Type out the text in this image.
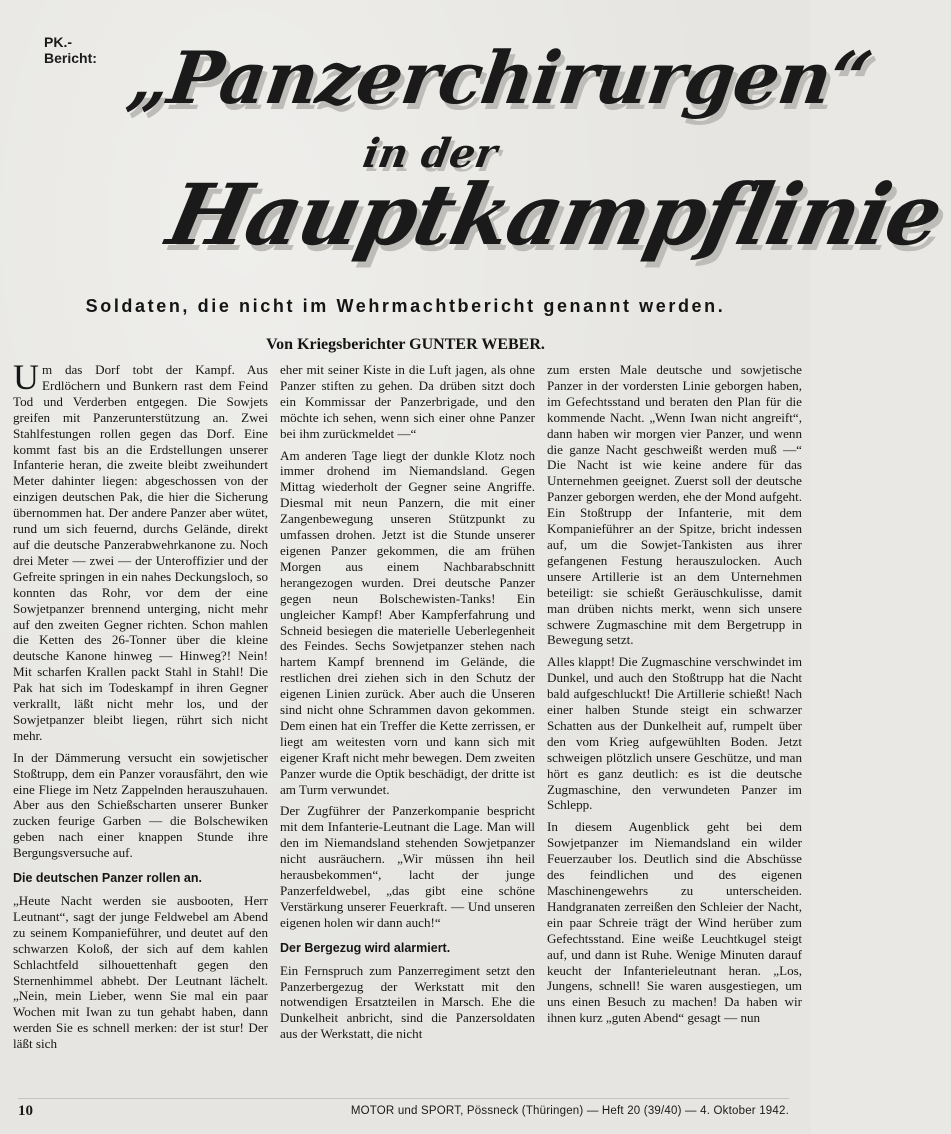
PK.-
Bericht: „Panzerchirurgen“
in der
Hauptkampflinie
Soldaten, die nicht im Wehrmachtbericht genannt werden.
Von Kriegsberichter GUNTER WEBER.

Um das Dorf tobt der Kampf. Aus Erdlöchern und Bunkern rast dem Feind Tod und Verderben entgegen. Die Sowjets greifen mit Panzerunterstützung an. Zwei Stahlfestungen rollen gegen das Dorf. Eine kommt fast bis an die Erdstellungen unserer Infanterie heran, die zweite bleibt zweihundert Meter dahinter liegen: abgeschossen von der einzigen deutschen Pak, die hier die Sicherung übernommen hat. Der andere Panzer aber wütet, rund um sich feuernd, durchs Gelände, direkt auf die deutsche Panzerabwehrkanone zu. Noch drei Meter — zwei — der Unteroffizier und der Gefreite springen in ein nahes Deckungsloch, so konnten das Rohr, vor dem der eine Sowjetpanzer brennend unterging, nicht mehr auf den zweiten Gegner richten. Schon mahlen die Ketten des 26-Tonner über die kleine deutsche Kanone hinweg — Hinweg?! Nein! Mit scharfen Krallen packt Stahl in Stahl! Die Pak hat sich im Todeskampf in ihren Gegner verkrallt, läßt nicht mehr los, und der Sowjetpanzer bleibt liegen, rührt sich nicht mehr.

In der Dämmerung versucht ein sowjetischer Stoßtrupp, dem ein Panzer vorausfährt, den wie eine Fliege im Netz Zappelnden herauszuhauen. Aber aus den Schießscharten unserer Bunker zucken feurige Garben — die Bolschewiken geben nach einer knappen Stunde ihre Bergungsversuche auf.

Die deutschen Panzer rollen an.

„Heute Nacht werden sie ausbooten, Herr Leutnant“, sagt der junge Feldwebel am Abend zu seinem Kompanieführer, und deutet auf den schwarzen Koloß, der sich auf dem kahlen Schlachtfeld silhouettenhaft gegen den Sternenhimmel abhebt. Der Leutnant lächelt. „Nein, mein Lieber, wenn Sie mal ein paar Wochen mit Iwan zu tun gehabt haben, dann werden Sie es schnell merken: der ist stur! Der läßt sich

eher mit seiner Kiste in die Luft jagen, als ohne Panzer stiften zu gehen. Da drüben sitzt doch ein Kommissar der Panzerbrigade, und den möchte ich sehen, wenn sich einer ohne Panzer bei ihm zurückmeldet —“

Am anderen Tage liegt der dunkle Klotz noch immer drohend im Niemandsland. Gegen Mittag wiederholt der Gegner seine Angriffe. Diesmal mit neun Panzern, die mit einer Zangenbewegung unseren Stützpunkt zu umfassen drohen. Jetzt ist die Stunde unserer eigenen Panzer gekommen, die am frühen Morgen aus einem Nachbarabschnitt herangezogen wurden. Drei deutsche Panzer gegen neun Bolschewisten-Tanks! Ein ungleicher Kampf! Aber Kampferfahrung und Schneid besiegen die materielle Ueberlegenheit des Feindes. Sechs Sowjetpanzer stehen nach hartem Kampf brennend im Gelände, die restlichen drei ziehen sich in den Schutz der eigenen Linien zurück. Aber auch die Unseren sind nicht ohne Schrammen davon gekommen. Dem einen hat ein Treffer die Kette zerrissen, er liegt am weitesten vorn und kann sich mit eigener Kraft nicht mehr bewegen. Dem zweiten Panzer wurde die Optik beschädigt, der dritte ist am Turm verwundet.

Der Zugführer der Panzerkompanie bespricht mit dem Infanterie-Leutnant die Lage. Man will den im Niemandsland stehenden Sowjetpanzer nicht ausräuchern. „Wir müssen ihn heil herausbekommen“, lacht der junge Panzerfeldwebel, „das gibt eine schöne Verstärkung unserer Feuerkraft. — Und unseren eigenen holen wir dann auch!“

Der Bergezug wird alarmiert.

Ein Fernspruch zum Panzerregiment setzt den Panzerbergezug der Werkstatt mit den notwendigen Ersatzteilen in Marsch. Ehe die Dunkelheit anbricht, sind die Panzersoldaten aus der Werkstatt, die nicht

zum ersten Male deutsche und sowjetische Panzer in der vordersten Linie geborgen haben, im Gefechtsstand und beraten den Plan für die kommende Nacht. „Wenn Iwan nicht angreift“, dann haben wir morgen vier Panzer, und wenn die ganze Nacht geschweißt werden muß —“ Die Nacht ist wie keine andere für das Unternehmen geeignet. Zuerst soll der deutsche Panzer geborgen werden, ehe der Mond aufgeht. Ein Stoßtrupp der Infanterie, mit dem Kompanieführer an der Spitze, bricht indessen auf, um die Sowjet-Tankisten aus ihrer gefangenen Festung herauszulocken. Auch unsere Artillerie ist an dem Unternehmen beteiligt: sie schießt Geräuschkulisse, damit man drüben nichts merkt, wenn sich unsere schwere Zugmaschine mit dem Bergetrupp in Bewegung setzt.

Alles klappt! Die Zugmaschine verschwindet im Dunkel, und auch den Stoßtrupp hat die Nacht bald aufgeschluckt! Die Artillerie schießt! Nach einer halben Stunde steigt ein schwarzer Schatten aus der Dunkelheit auf, rumpelt über den vom Krieg aufgewühlten Boden. Jetzt schweigen plötzlich unsere Geschütze, und man hört es ganz deutlich: es ist die deutsche Zugmaschine, den verwundeten Panzer im Schlepp.

In diesem Augenblick geht bei dem Sowjetpanzer im Niemandsland ein wilder Feuerzauber los. Deutlich sind die Abschüsse des feindlichen und des eigenen Maschinengewehrs zu unterscheiden. Handgranaten zerreißen den Schleier der Nacht, ein paar Schreie trägt der Wind herüber zum Gefechtsstand. Eine weiße Leuchtkugel steigt auf, und dann ist Ruhe. Wenige Minuten darauf keucht der Infanterieleutnant heran. „Los, Jungens, schnell! Sie waren ausgestiegen, um uns einen Besuch zu machen! Da haben wir ihnen kurz „guten Abend“ gesagt — nun

10	MOTOR und SPORT, Pössneck (Thüringen) — Heft 20 (39/40) — 4. Oktober 1942.
